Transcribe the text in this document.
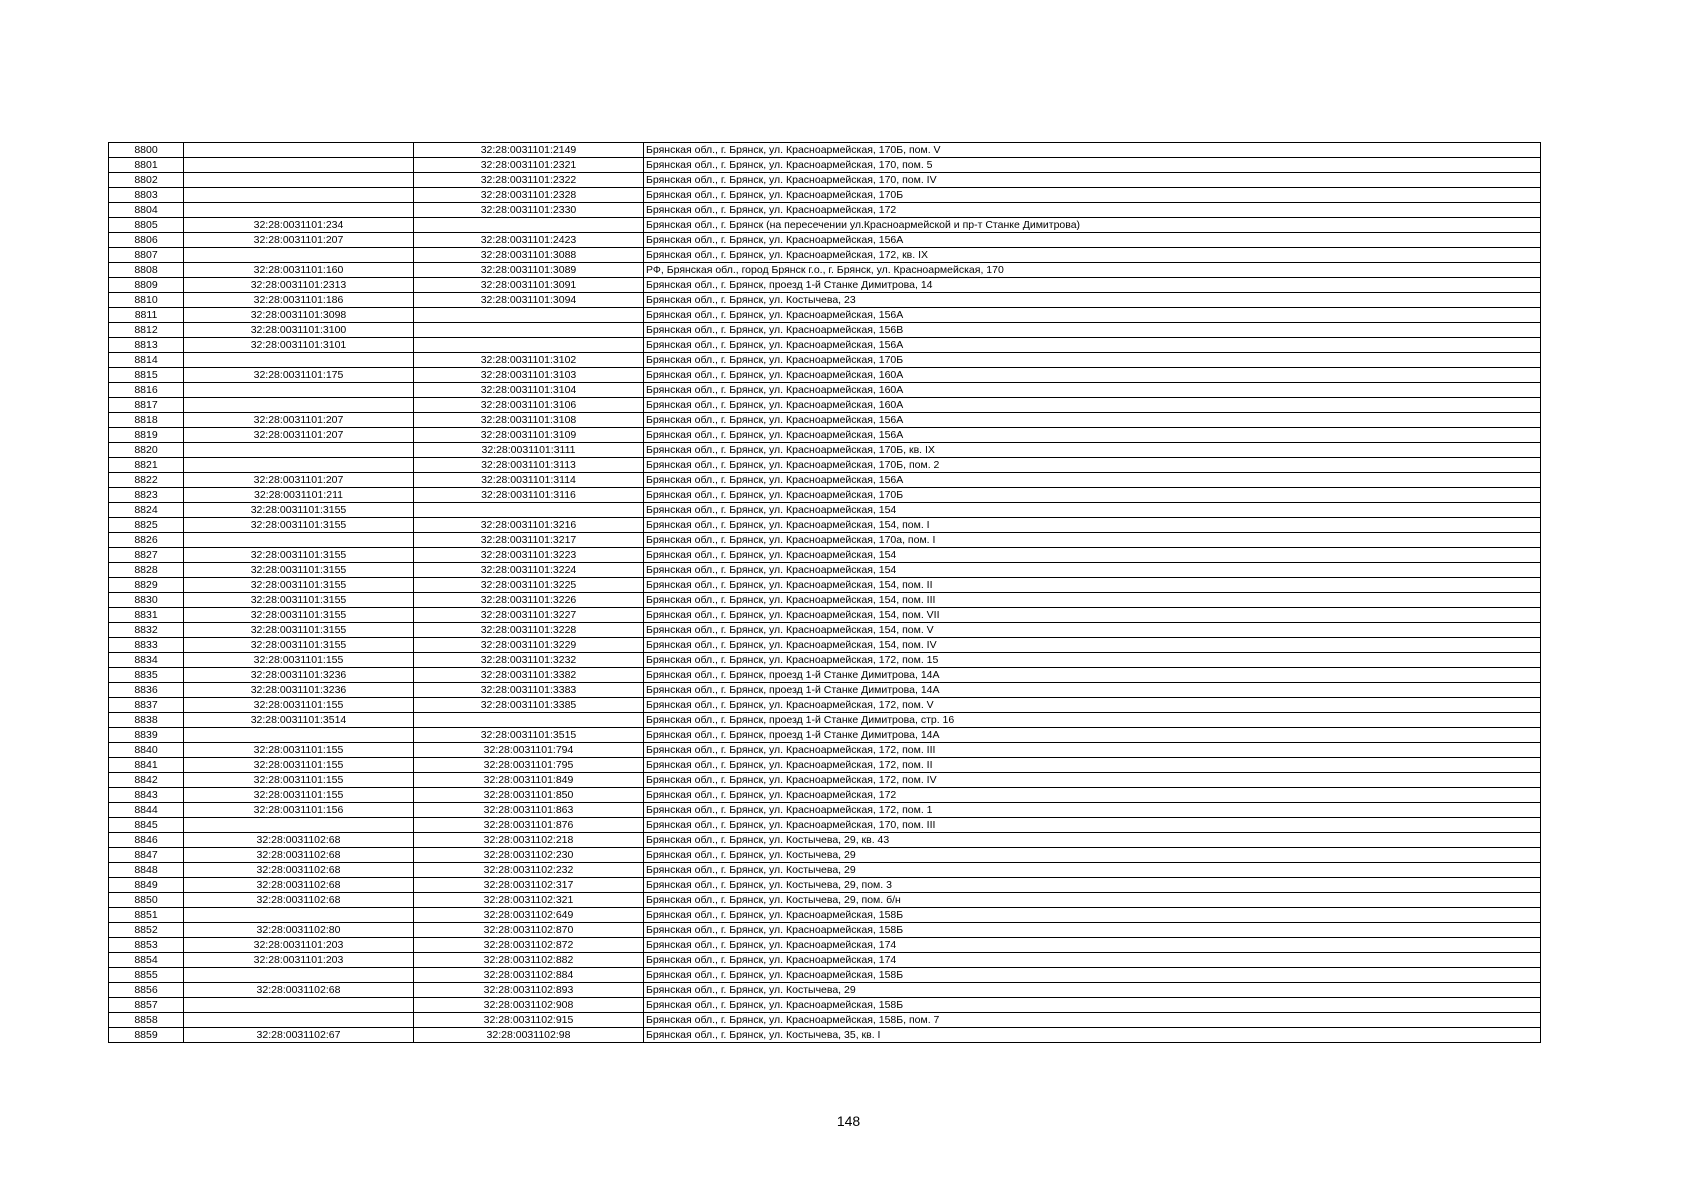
8800		32:28:0031101:2149	Брянская обл., г. Брянск, ул. Красноармейская, 170Б, пом. V
8801		32:28:0031101:2321	Брянская обл., г. Брянск, ул. Красноармейская, 170, пом. 5
8802		32:28:0031101:2322	Брянская обл., г. Брянск, ул. Красноармейская, 170, пом. IV
8803		32:28:0031101:2328	Брянская обл., г. Брянск, ул. Красноармейская, 170Б
8804		32:28:0031101:2330	Брянская обл., г. Брянск, ул. Красноармейская, 172
8805	32:28:0031101:234		Брянская обл., г. Брянск (на пересечении ул.Красноармейской и пр-т Станке Димитрова)
8806	32:28:0031101:207	32:28:0031101:2423	Брянская обл., г. Брянск, ул. Красноармейская, 156А
8807		32:28:0031101:3088	Брянская обл., г. Брянск, ул. Красноармейская, 172, кв. IX
8808	32:28:0031101:160	32:28:0031101:3089	РФ, Брянская обл., город Брянск г.о., г. Брянск, ул. Красноармейская, 170
8809	32:28:0031101:2313	32:28:0031101:3091	Брянская обл., г. Брянск, проезд 1-й Станке Димитрова, 14
8810	32:28:0031101:186	32:28:0031101:3094	Брянская обл., г. Брянск, ул. Костычева, 23
8811	32:28:0031101:3098		Брянская обл., г. Брянск, ул. Красноармейская, 156А
8812	32:28:0031101:3100		Брянская обл., г. Брянск, ул. Красноармейская, 156В
8813	32:28:0031101:3101		Брянская обл., г. Брянск, ул. Красноармейская, 156А
8814		32:28:0031101:3102	Брянская обл., г. Брянск, ул. Красноармейская, 170Б
8815	32:28:0031101:175	32:28:0031101:3103	Брянская обл., г. Брянск, ул. Красноармейская, 160А
8816		32:28:0031101:3104	Брянская обл., г. Брянск, ул. Красноармейская, 160А
8817		32:28:0031101:3106	Брянская обл., г. Брянск, ул. Красноармейская, 160А
8818	32:28:0031101:207	32:28:0031101:3108	Брянская обл., г. Брянск, ул. Красноармейская, 156А
8819	32:28:0031101:207	32:28:0031101:3109	Брянская обл., г. Брянск, ул. Красноармейская, 156А
8820		32:28:0031101:3111	Брянская обл., г. Брянск, ул. Красноармейская, 170Б, кв. IX
8821		32:28:0031101:3113	Брянская обл., г. Брянск, ул. Красноармейская, 170Б, пом. 2
8822	32:28:0031101:207	32:28:0031101:3114	Брянская обл., г. Брянск, ул. Красноармейская, 156А
8823	32:28:0031101:211	32:28:0031101:3116	Брянская обл., г. Брянск, ул. Красноармейская, 170Б
8824	32:28:0031101:3155		Брянская обл., г. Брянск, ул. Красноармейская, 154
8825	32:28:0031101:3155	32:28:0031101:3216	Брянская обл., г. Брянск, ул. Красноармейская, 154, пом. I
8826		32:28:0031101:3217	Брянская обл., г. Брянск, ул. Красноармейская, 170а, пом. I
8827	32:28:0031101:3155	32:28:0031101:3223	Брянская обл., г. Брянск, ул. Красноармейская, 154
8828	32:28:0031101:3155	32:28:0031101:3224	Брянская обл., г. Брянск, ул. Красноармейская, 154
8829	32:28:0031101:3155	32:28:0031101:3225	Брянская обл., г. Брянск, ул. Красноармейская, 154, пом. II
8830	32:28:0031101:3155	32:28:0031101:3226	Брянская обл., г. Брянск, ул. Красноармейская, 154, пом. III
8831	32:28:0031101:3155	32:28:0031101:3227	Брянская обл., г. Брянск, ул. Красноармейская, 154, пом. VII
8832	32:28:0031101:3155	32:28:0031101:3228	Брянская обл., г. Брянск, ул. Красноармейская, 154, пом. V
8833	32:28:0031101:3155	32:28:0031101:3229	Брянская обл., г. Брянск, ул. Красноармейская, 154, пом. IV
8834	32:28:0031101:155	32:28:0031101:3232	Брянская обл., г. Брянск, ул. Красноармейская, 172, пом. 15
8835	32:28:0031101:3236	32:28:0031101:3382	Брянская обл., г. Брянск, проезд 1-й Станке Димитрова, 14А
8836	32:28:0031101:3236	32:28:0031101:3383	Брянская обл., г. Брянск, проезд 1-й Станке Димитрова, 14А
8837	32:28:0031101:155	32:28:0031101:3385	Брянская обл., г. Брянск, ул. Красноармейская, 172, пом. V
8838	32:28:0031101:3514		Брянская обл., г. Брянск, проезд 1-й Станке Димитрова, стр. 16
8839		32:28:0031101:3515	Брянская обл., г. Брянск, проезд 1-й Станке Димитрова, 14А
8840	32:28:0031101:155	32:28:0031101:794	Брянская обл., г. Брянск, ул. Красноармейская, 172, пом. III
8841	32:28:0031101:155	32:28:0031101:795	Брянская обл., г. Брянск, ул. Красноармейская, 172, пом. II
8842	32:28:0031101:155	32:28:0031101:849	Брянская обл., г. Брянск, ул. Красноармейская, 172, пом. IV
8843	32:28:0031101:155	32:28:0031101:850	Брянская обл., г. Брянск, ул. Красноармейская, 172
8844	32:28:0031101:156	32:28:0031101:863	Брянская обл., г. Брянск, ул. Красноармейская, 172, пом. 1
8845		32:28:0031101:876	Брянская обл., г. Брянск, ул. Красноармейская, 170, пом. III
8846	32:28:0031102:68	32:28:0031102:218	Брянская обл., г. Брянск, ул. Костычева, 29, кв. 43
8847	32:28:0031102:68	32:28:0031102:230	Брянская обл., г. Брянск, ул. Костычева, 29
8848	32:28:0031102:68	32:28:0031102:232	Брянская обл., г. Брянск, ул. Костычева, 29
8849	32:28:0031102:68	32:28:0031102:317	Брянская обл., г. Брянск, ул. Костычева, 29, пом. 3
8850	32:28:0031102:68	32:28:0031102:321	Брянская обл., г. Брянск, ул. Костычева, 29, пом. б/н
8851		32:28:0031102:649	Брянская обл., г. Брянск, ул. Красноармейская, 158Б
8852	32:28:0031102:80	32:28:0031102:870	Брянская обл., г. Брянск, ул. Красноармейская, 158Б
8853	32:28:0031101:203	32:28:0031102:872	Брянская обл., г. Брянск, ул. Красноармейская, 174
8854	32:28:0031101:203	32:28:0031102:882	Брянская обл., г. Брянск, ул. Красноармейская, 174
8855		32:28:0031102:884	Брянская обл., г. Брянск, ул. Красноармейская, 158Б
8856	32:28:0031102:68	32:28:0031102:893	Брянская обл., г. Брянск, ул. Костычева, 29
8857		32:28:0031102:908	Брянская обл., г. Брянск, ул. Красноармейская, 158Б
8858		32:28:0031102:915	Брянская обл., г. Брянск, ул. Красноармейская, 158Б, пом. 7
8859	32:28:0031102:67	32:28:0031102:98	Брянская обл., г. Брянск, ул. Костычева, 35, кв. I
148
